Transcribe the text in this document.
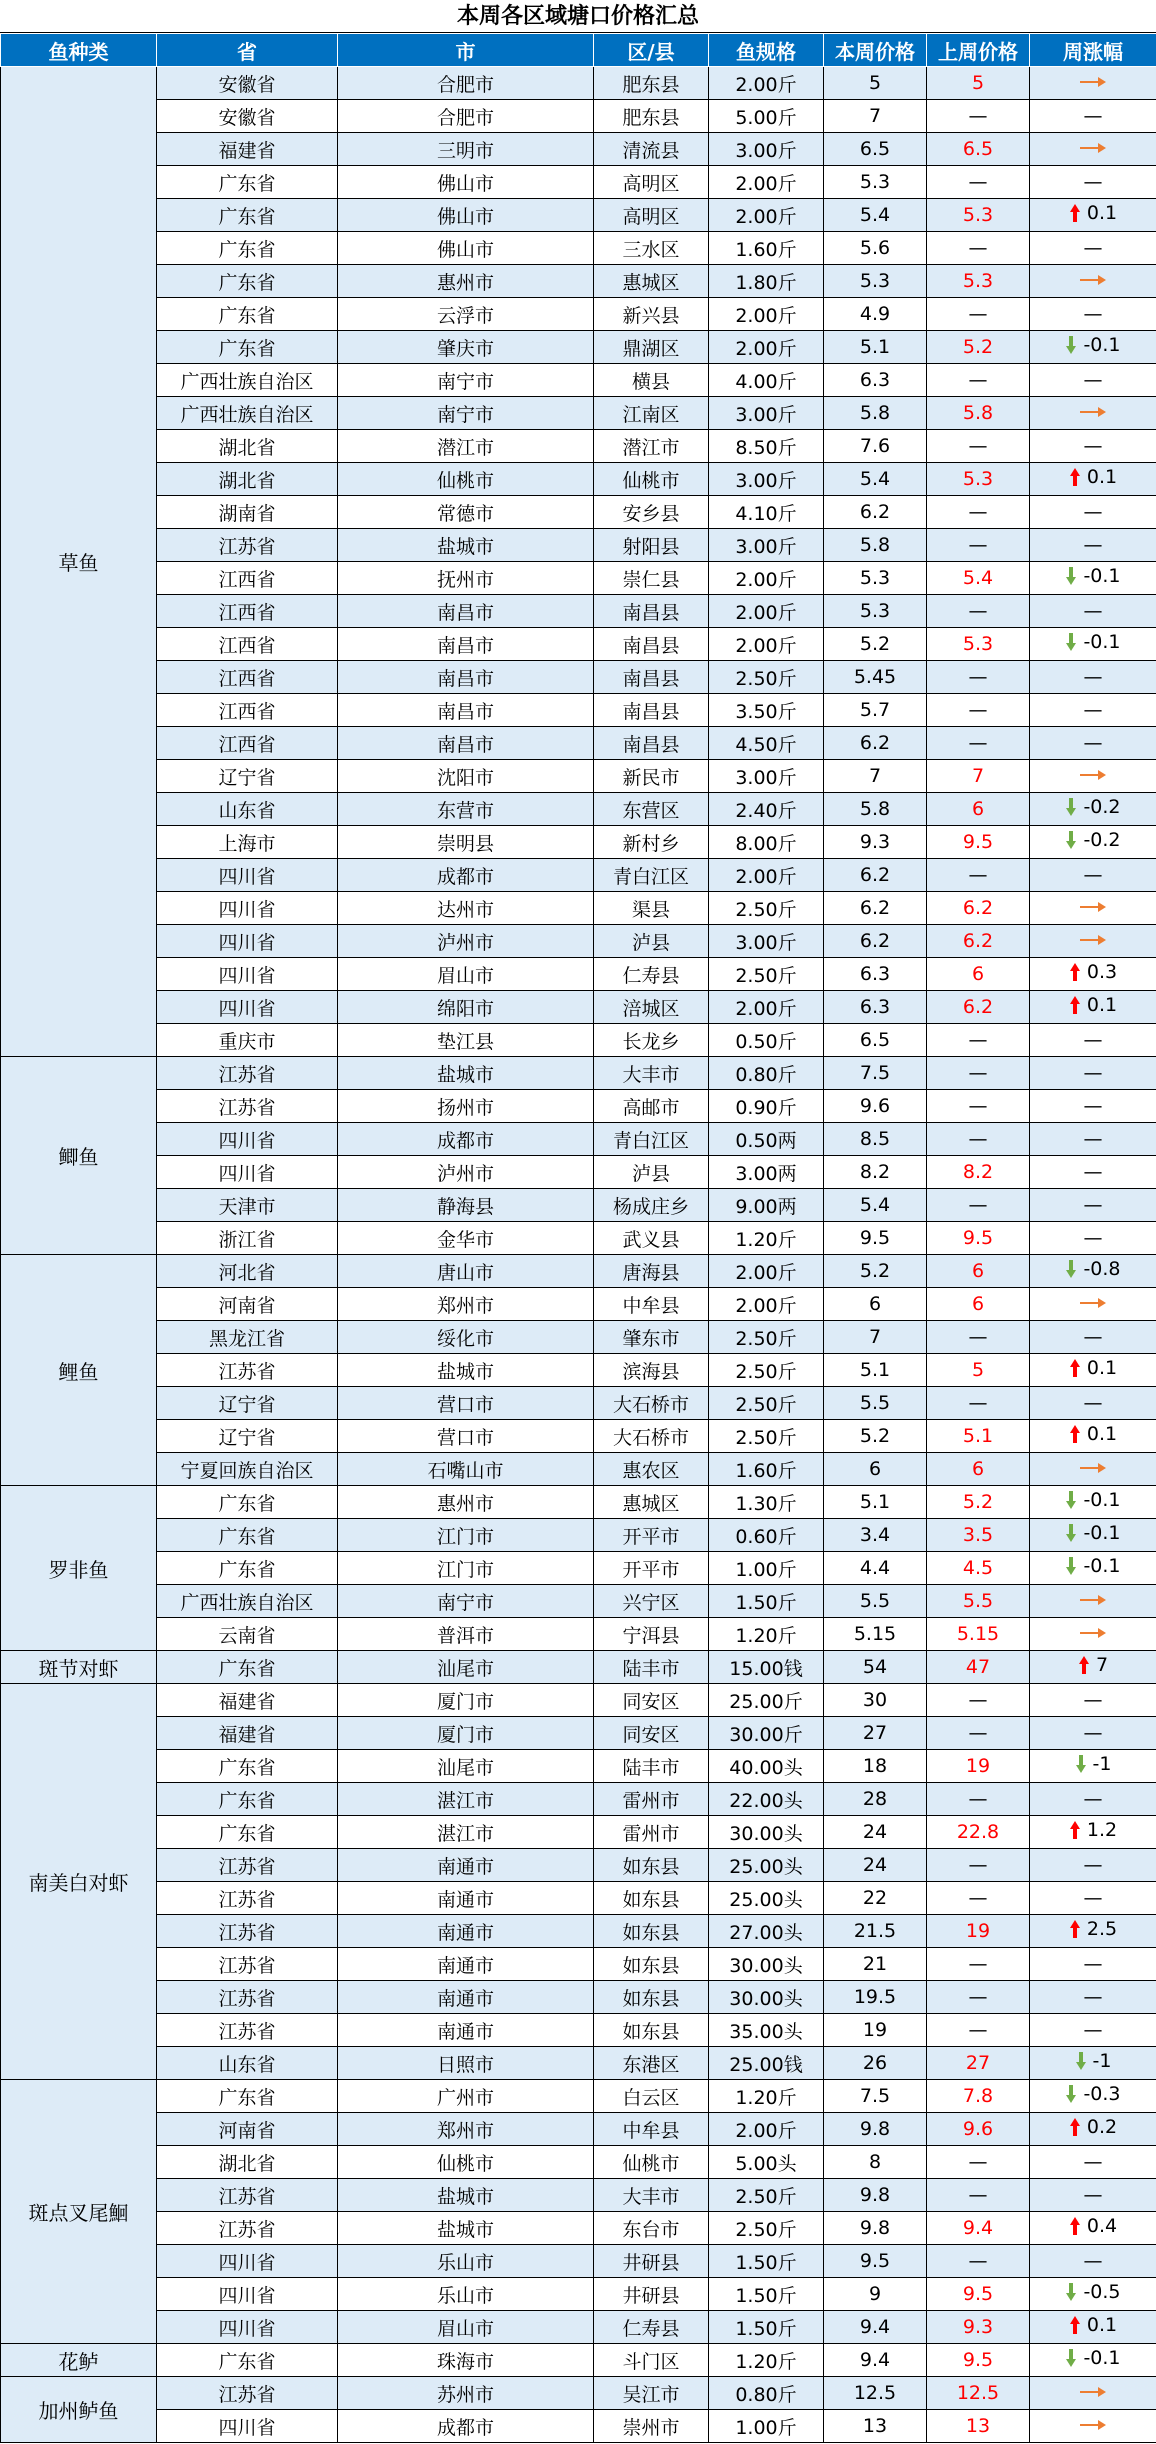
本周各区域塘口价格汇总
鱼种类	省	市	区/县	鱼规格	本周价格	上周价格	周涨幅
草鱼	安徽省	合肥市	肥东县	2.00斤	5	5	

	安徽省	合肥市	肥东县	5.00斤	7	—	—
	福建省	三明市	清流县	3.00斤	6.5	6.5	

	广东省	佛山市	高明区	2.00斤	5.3	—	—
	广东省	佛山市	高明区	2.00斤	5.4	5.3	0.1

	广东省	佛山市	三水区	1.60斤	5.6	—	—
	广东省	惠州市	惠城区	1.80斤	5.3	5.3	

	广东省	云浮市	新兴县	2.00斤	4.9	—	—
	广东省	肇庆市	鼎湖区	2.00斤	5.1	5.2	-0.1

	广西壮族自治区	南宁市	横县	4.00斤	6.3	—	—
	广西壮族自治区	南宁市	江南区	3.00斤	5.8	5.8	

	湖北省	潜江市	潜江市	8.50斤	7.6	—	—
	湖北省	仙桃市	仙桃市	3.00斤	5.4	5.3	0.1

	湖南省	常德市	安乡县	4.10斤	6.2	—	—
	江苏省	盐城市	射阳县	3.00斤	5.8	—	—
	江西省	抚州市	崇仁县	2.00斤	5.3	5.4	-0.1

	江西省	南昌市	南昌县	2.00斤	5.3	—	—
	江西省	南昌市	南昌县	2.00斤	5.2	5.3	-0.1

	江西省	南昌市	南昌县	2.50斤	5.45	—	—
	江西省	南昌市	南昌县	3.50斤	5.7	—	—
	江西省	南昌市	南昌县	4.50斤	6.2	—	—
	辽宁省	沈阳市	新民市	3.00斤	7	7	

	山东省	东营市	东营区	2.40斤	5.8	6	-0.2

	上海市	崇明县	新村乡	8.00斤	9.3	9.5	-0.2

	四川省	成都市	青白江区	2.00斤	6.2	—	—
	四川省	达州市	渠县	2.50斤	6.2	6.2	

	四川省	泸州市	泸县	3.00斤	6.2	6.2	

	四川省	眉山市	仁寿县	2.50斤	6.3	6	0.3

	四川省	绵阳市	涪城区	2.00斤	6.3	6.2	0.1

	重庆市	垫江县	长龙乡	0.50斤	6.5	—	—
鲫鱼	江苏省	盐城市	大丰市	0.80斤	7.5	—	—
	江苏省	扬州市	高邮市	0.90斤	9.6	—	—
	四川省	成都市	青白江区	0.50两	8.5	—	—
	四川省	泸州市	泸县	3.00两	8.2	8.2	—
	天津市	静海县	杨成庄乡	9.00两	5.4	—	—
	浙江省	金华市	武义县	1.20斤	9.5	9.5	—
鲤鱼	河北省	唐山市	唐海县	2.00斤	5.2	6	-0.8

	河南省	郑州市	中牟县	2.00斤	6	6	

	黑龙江省	绥化市	肇东市	2.50斤	7	—	—
	江苏省	盐城市	滨海县	2.50斤	5.1	5	0.1

	辽宁省	营口市	大石桥市	2.50斤	5.5	—	—
	辽宁省	营口市	大石桥市	2.50斤	5.2	5.1	0.1

	宁夏回族自治区	石嘴山市	惠农区	1.60斤	6	6	

罗非鱼	广东省	惠州市	惠城区	1.30斤	5.1	5.2	-0.1

	广东省	江门市	开平市	0.60斤	3.4	3.5	-0.1

	广东省	江门市	开平市	1.00斤	4.4	4.5	-0.1

	广西壮族自治区	南宁市	兴宁区	1.50斤	5.5	5.5	

	云南省	普洱市	宁洱县	1.20斤	5.15	5.15	

斑节对虾	广东省	汕尾市	陆丰市	15.00钱	54	47	7

南美白对虾	福建省	厦门市	同安区	25.00斤	30	—	—
	福建省	厦门市	同安区	30.00斤	27	—	—
	广东省	汕尾市	陆丰市	40.00头	18	19	-1

	广东省	湛江市	雷州市	22.00头	28	—	—
	广东省	湛江市	雷州市	30.00头	24	22.8	1.2

	江苏省	南通市	如东县	25.00头	24	—	—
	江苏省	南通市	如东县	25.00头	22	—	—
	江苏省	南通市	如东县	27.00头	21.5	19	2.5

	江苏省	南通市	如东县	30.00头	21	—	—
	江苏省	南通市	如东县	30.00头	19.5	—	—
	江苏省	南通市	如东县	35.00头	19	—	—
	山东省	日照市	东港区	25.00钱	26	27	-1

斑点叉尾鮰	广东省	广州市	白云区	1.20斤	7.5	7.8	-0.3

	河南省	郑州市	中牟县	2.00斤	9.8	9.6	0.2

	湖北省	仙桃市	仙桃市	5.00头	8	—	—
	江苏省	盐城市	大丰市	2.50斤	9.8	—	—
	江苏省	盐城市	东台市	2.50斤	9.8	9.4	0.4

	四川省	乐山市	井研县	1.50斤	9.5	—	—
	四川省	乐山市	井研县	1.50斤	9	9.5	-0.5

	四川省	眉山市	仁寿县	1.50斤	9.4	9.3	0.1

花鲈	广东省	珠海市	斗门区	1.20斤	9.4	9.5	-0.1

加州鲈鱼	江苏省	苏州市	吴江市	0.80斤	12.5	12.5	

	四川省	成都市	崇州市	1.00斤	13	13	
